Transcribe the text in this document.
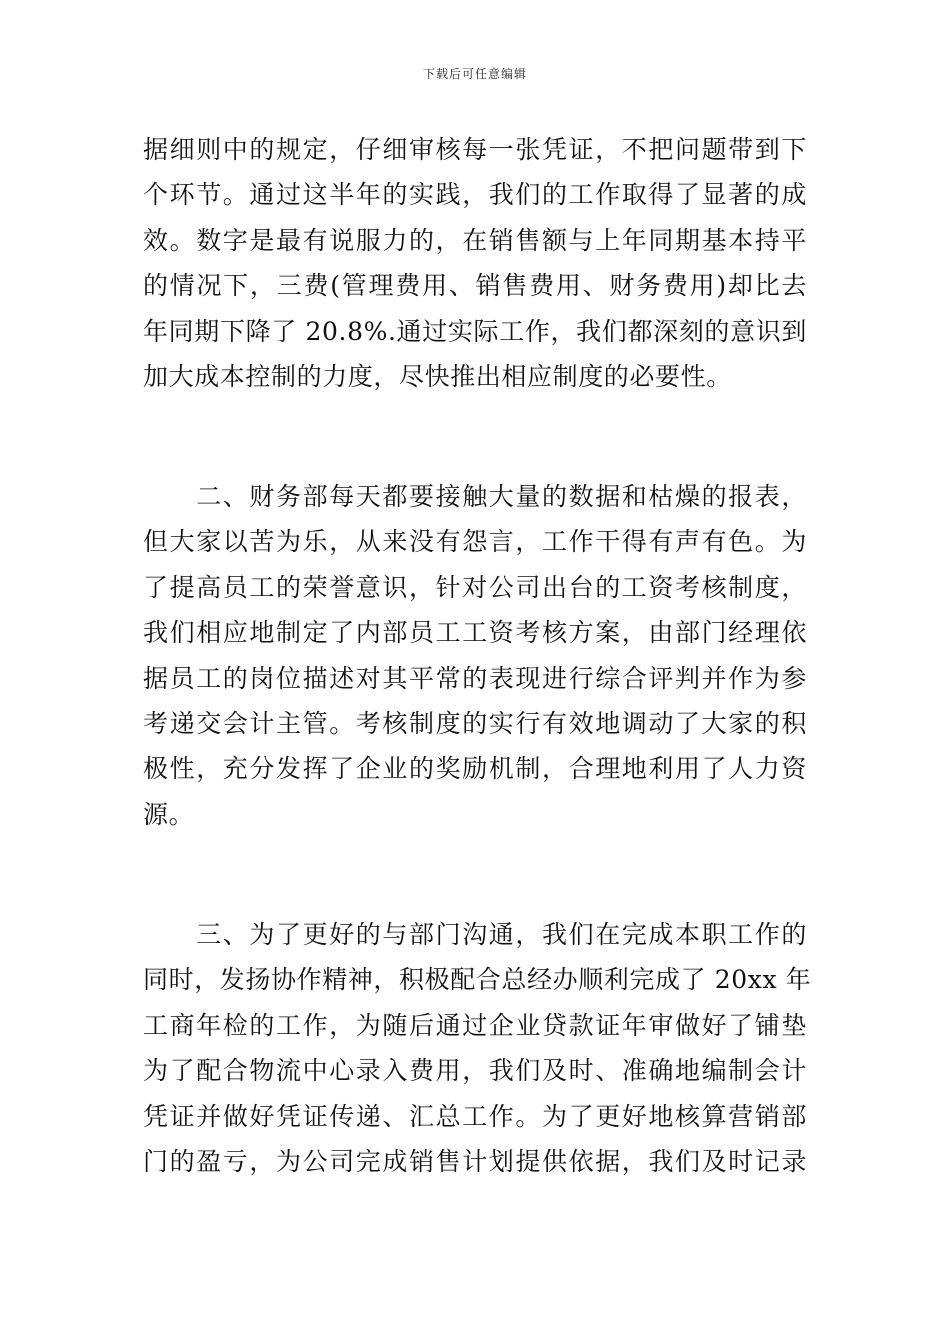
下载后可任意编辑
据细则中的规定，仔细审核每一张凭证，不把问题带到下
个环节。通过这半年的实践，我们的工作取得了显著的成
效。数字是最有说服力的，在销售额与上年同期基本持平
的情况下，三费(管理费用、销售费用、财务费用)却比去
年同期下降了 20.8%.通过实际工作，我们都深刻的意识到
加大成本控制的力度，尽快推出相应制度的必要性。
　　二、财务部每天都要接触大量的数据和枯燥的报表，
但大家以苦为乐，从来没有怨言，工作干得有声有色。为
了提高员工的荣誉意识，针对公司出台的工资考核制度，
我们相应地制定了内部员工工资考核方案，由部门经理依
据员工的岗位描述对其平常的表现进行综合评判并作为参
考递交会计主管。考核制度的实行有效地调动了大家的积
极性，充分发挥了企业的奖励机制，合理地利用了人力资
源。
　　三、为了更好的与部门沟通，我们在完成本职工作的
同时，发扬协作精神，积极配合总经办顺利完成了 20xx 年
工商年检的工作，为随后通过企业贷款证年审做好了铺垫
为了配合物流中心录入费用，我们及时、准确地编制会计
凭证并做好凭证传递、汇总工作。为了更好地核算营销部
门的盈亏，为公司完成销售计划提供依据，我们及时记录
